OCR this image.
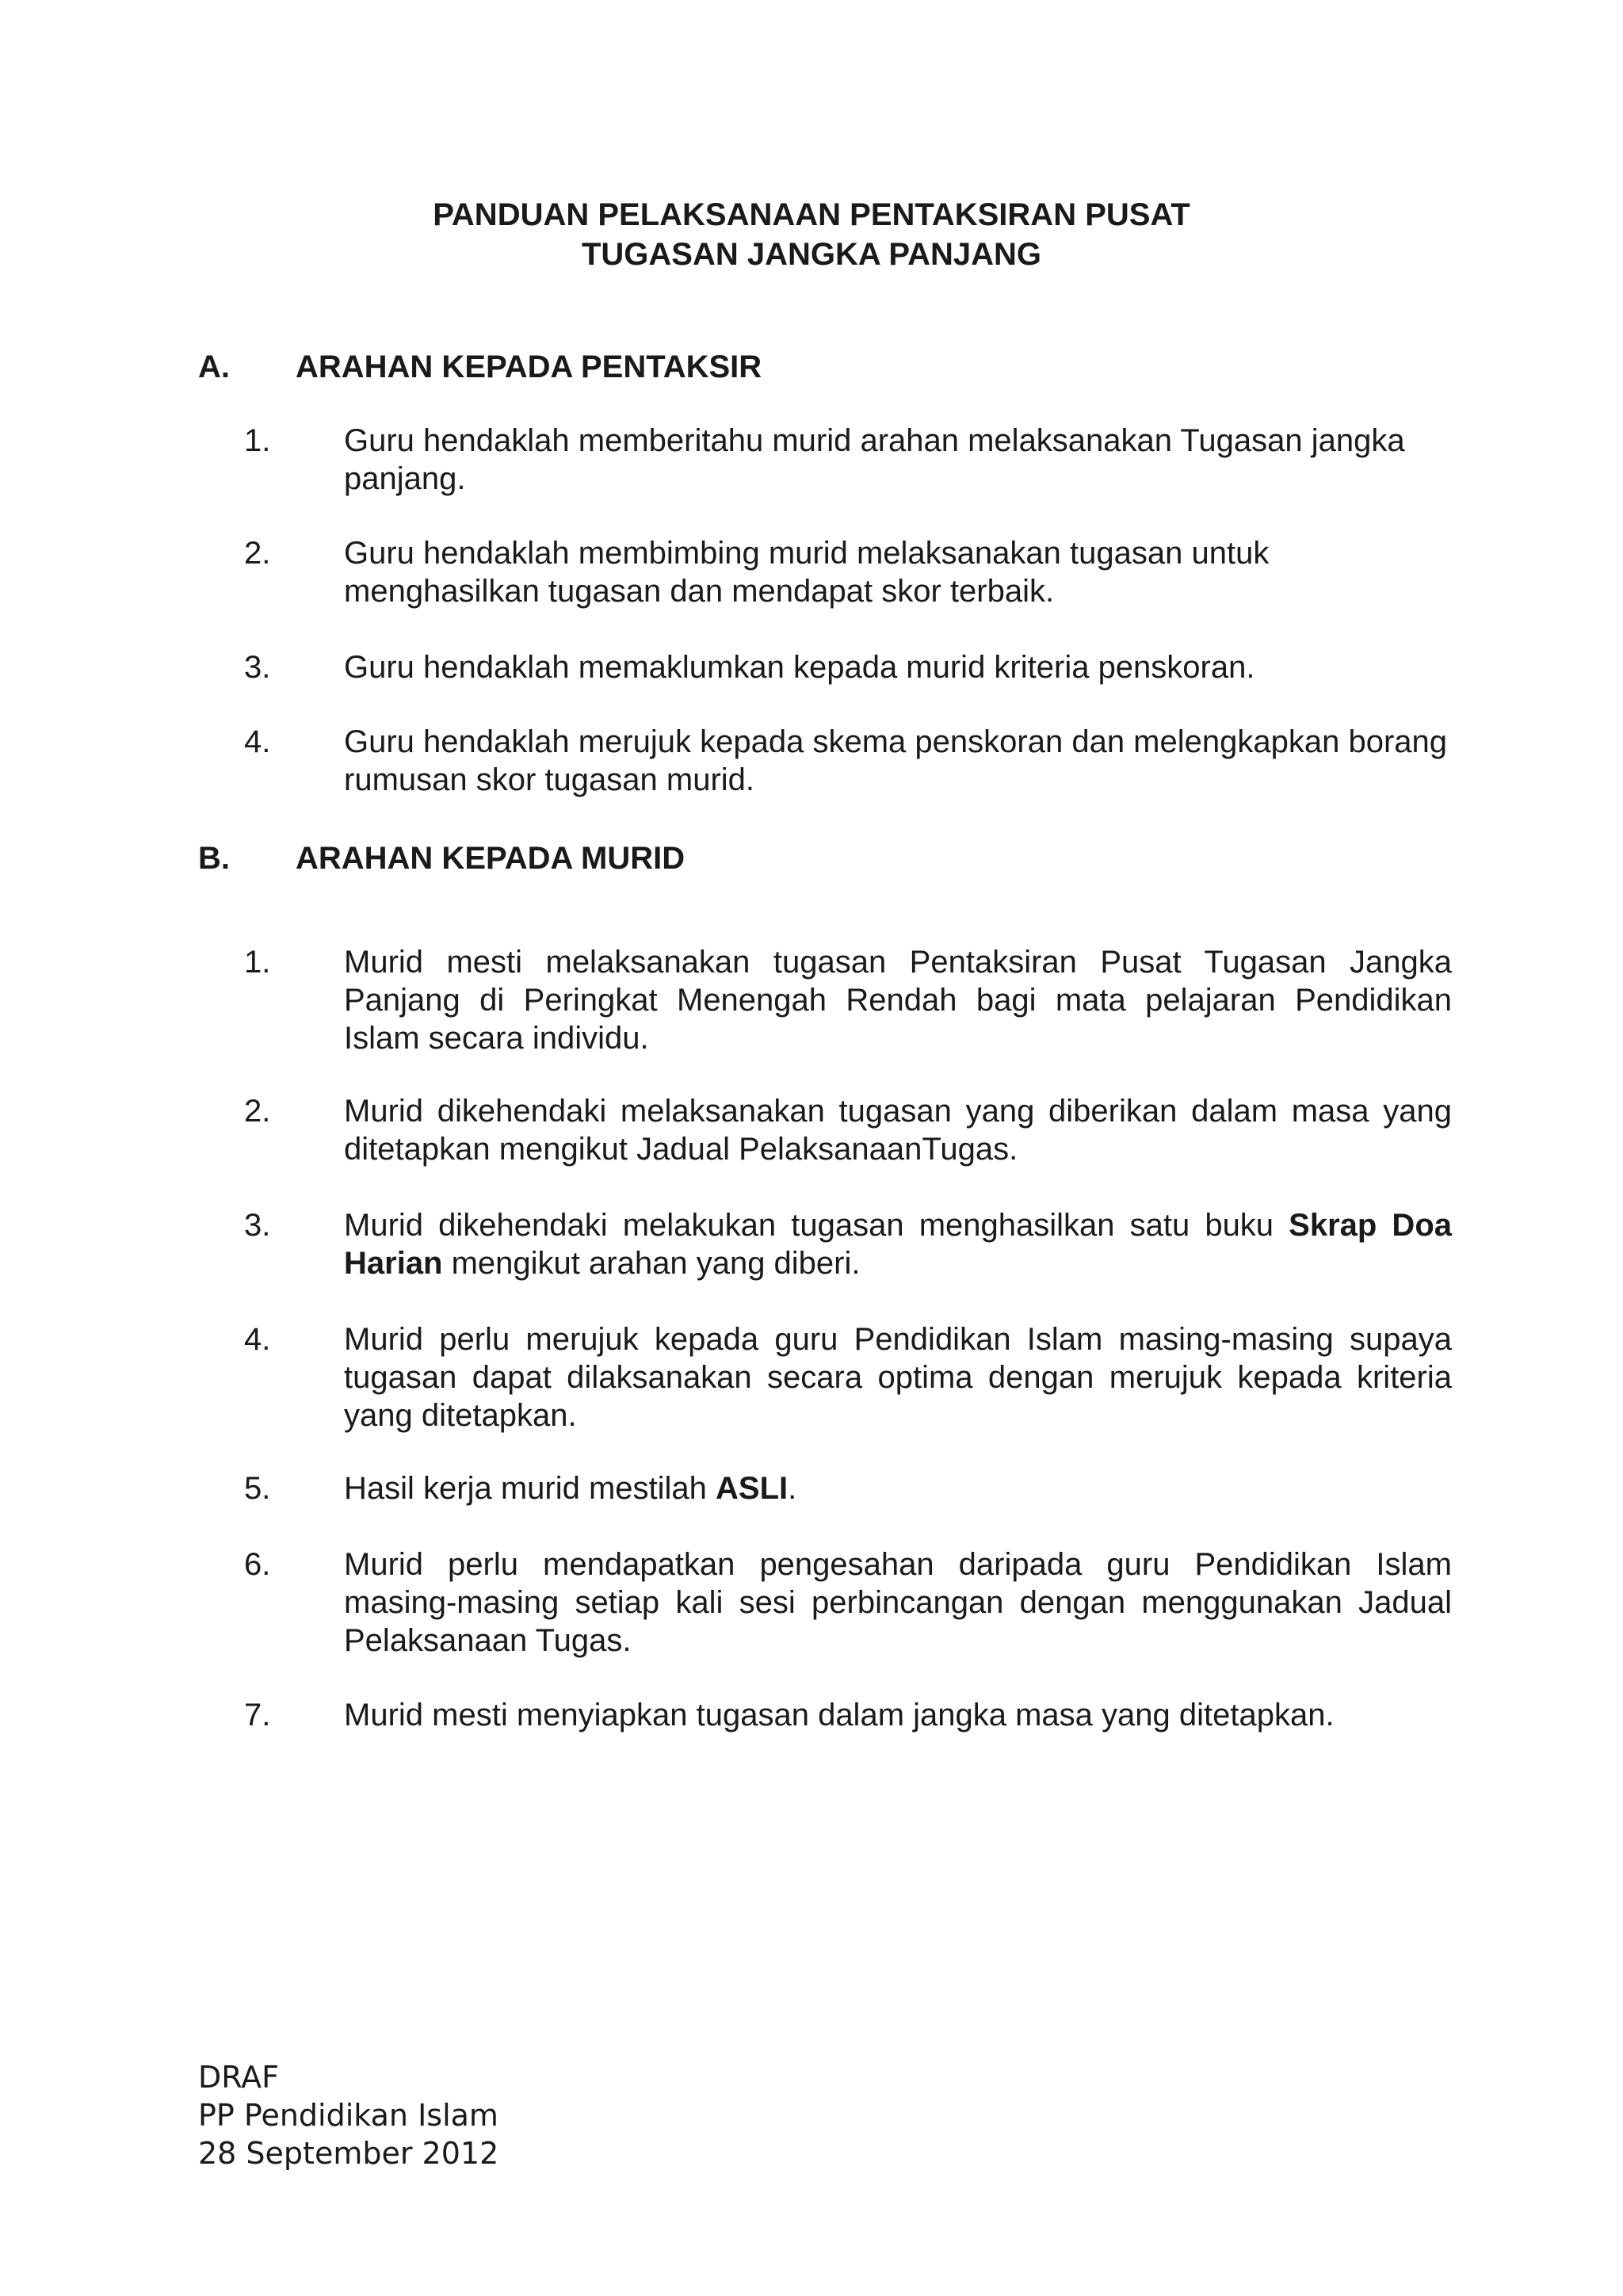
PANDUAN PELAKSANAAN PENTAKSIRAN PUSAT
TUGASAN JANGKA PANJANG
A. ARAHAN KEPADA PENTAKSIR
1. Guru hendaklah memberitahu murid arahan melaksanakan Tugasan jangka panjang.
2. Guru hendaklah membimbing murid melaksanakan tugasan untuk menghasilkan tugasan dan mendapat skor terbaik.
3. Guru hendaklah memaklumkan kepada murid kriteria penskoran.
4. Guru hendaklah merujuk kepada skema penskoran dan melengkapkan borang rumusan skor tugasan murid.
B. ARAHAN KEPADA MURID
1. Murid mesti melaksanakan tugasan Pentaksiran Pusat Tugasan Jangka Panjang di Peringkat Menengah Rendah bagi mata pelajaran Pendidikan Islam secara individu.
2. Murid dikehendaki melaksanakan tugasan yang diberikan dalam masa yang ditetapkan mengikut Jadual PelaksanaanTugas.
3. Murid dikehendaki melakukan tugasan menghasilkan satu buku Skrap Doa Harian mengikut arahan yang diberi.
4. Murid perlu merujuk kepada guru Pendidikan Islam masing-masing supaya tugasan dapat dilaksanakan secara optima dengan merujuk kepada kriteria yang ditetapkan.
5. Hasil kerja murid mestilah ASLI.
6. Murid perlu mendapatkan pengesahan daripada guru Pendidikan Islam masing-masing setiap kali sesi perbincangan dengan menggunakan Jadual Pelaksanaan Tugas.
7. Murid mesti menyiapkan tugasan dalam jangka masa yang ditetapkan.
DRAF
PP Pendidikan Islam
28 September 2012
